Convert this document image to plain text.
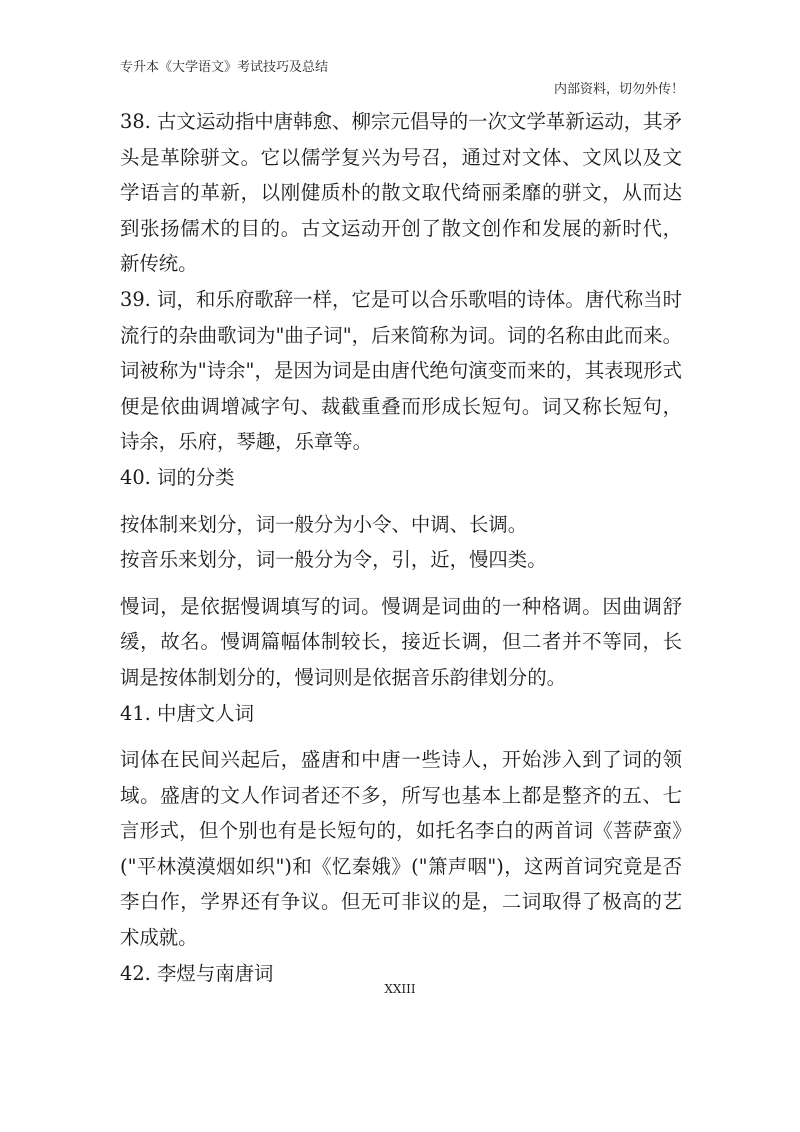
专升本《大学语文》考试技巧及总结
内部资料，切勿外传！

38. 古文运动指中唐韩愈、柳宗元倡导的一次文学革新运动，其矛头是革除骈文。它以儒学复兴为号召，通过对文体、文风以及文学语言的革新，以刚健质朴的散文取代绮丽柔靡的骈文，从而达到张扬儒术的目的。古文运动开创了散文创作和发展的新时代，新传统。

39. 词，和乐府歌辞一样，它是可以合乐歌唱的诗体。唐代称当时流行的杂曲歌词为"曲子词"，后来简称为词。词的名称由此而来。词被称为"诗余"，是因为词是由唐代绝句演变而来的，其表现形式便是依曲调增减字句、裁截重叠而形成长短句。词又称长短句，诗余，乐府，琴趣，乐章等。

40. 词的分类

按体制来划分，词一般分为小令、中调、长调。

按音乐来划分，词一般分为令，引，近，慢四类。

慢词，是依据慢调填写的词。慢调是词曲的一种格调。因曲调舒缓，故名。慢调篇幅体制较长，接近长调，但二者并不等同，长调是按体制划分的，慢词则是依据音乐韵律划分的。

41. 中唐文人词

词体在民间兴起后，盛唐和中唐一些诗人，开始涉入到了词的领域。盛唐的文人作词者还不多，所写也基本上都是整齐的五、七言形式，但个别也有是长短句的，如托名李白的两首词《菩萨蛮》("平林漠漠烟如织")和《忆秦娥》("箫声咽")，这两首词究竟是否李白作，学界还有争议。但无可非议的是，二词取得了极高的艺术成就。

42. 李煜与南唐词

XXIII
